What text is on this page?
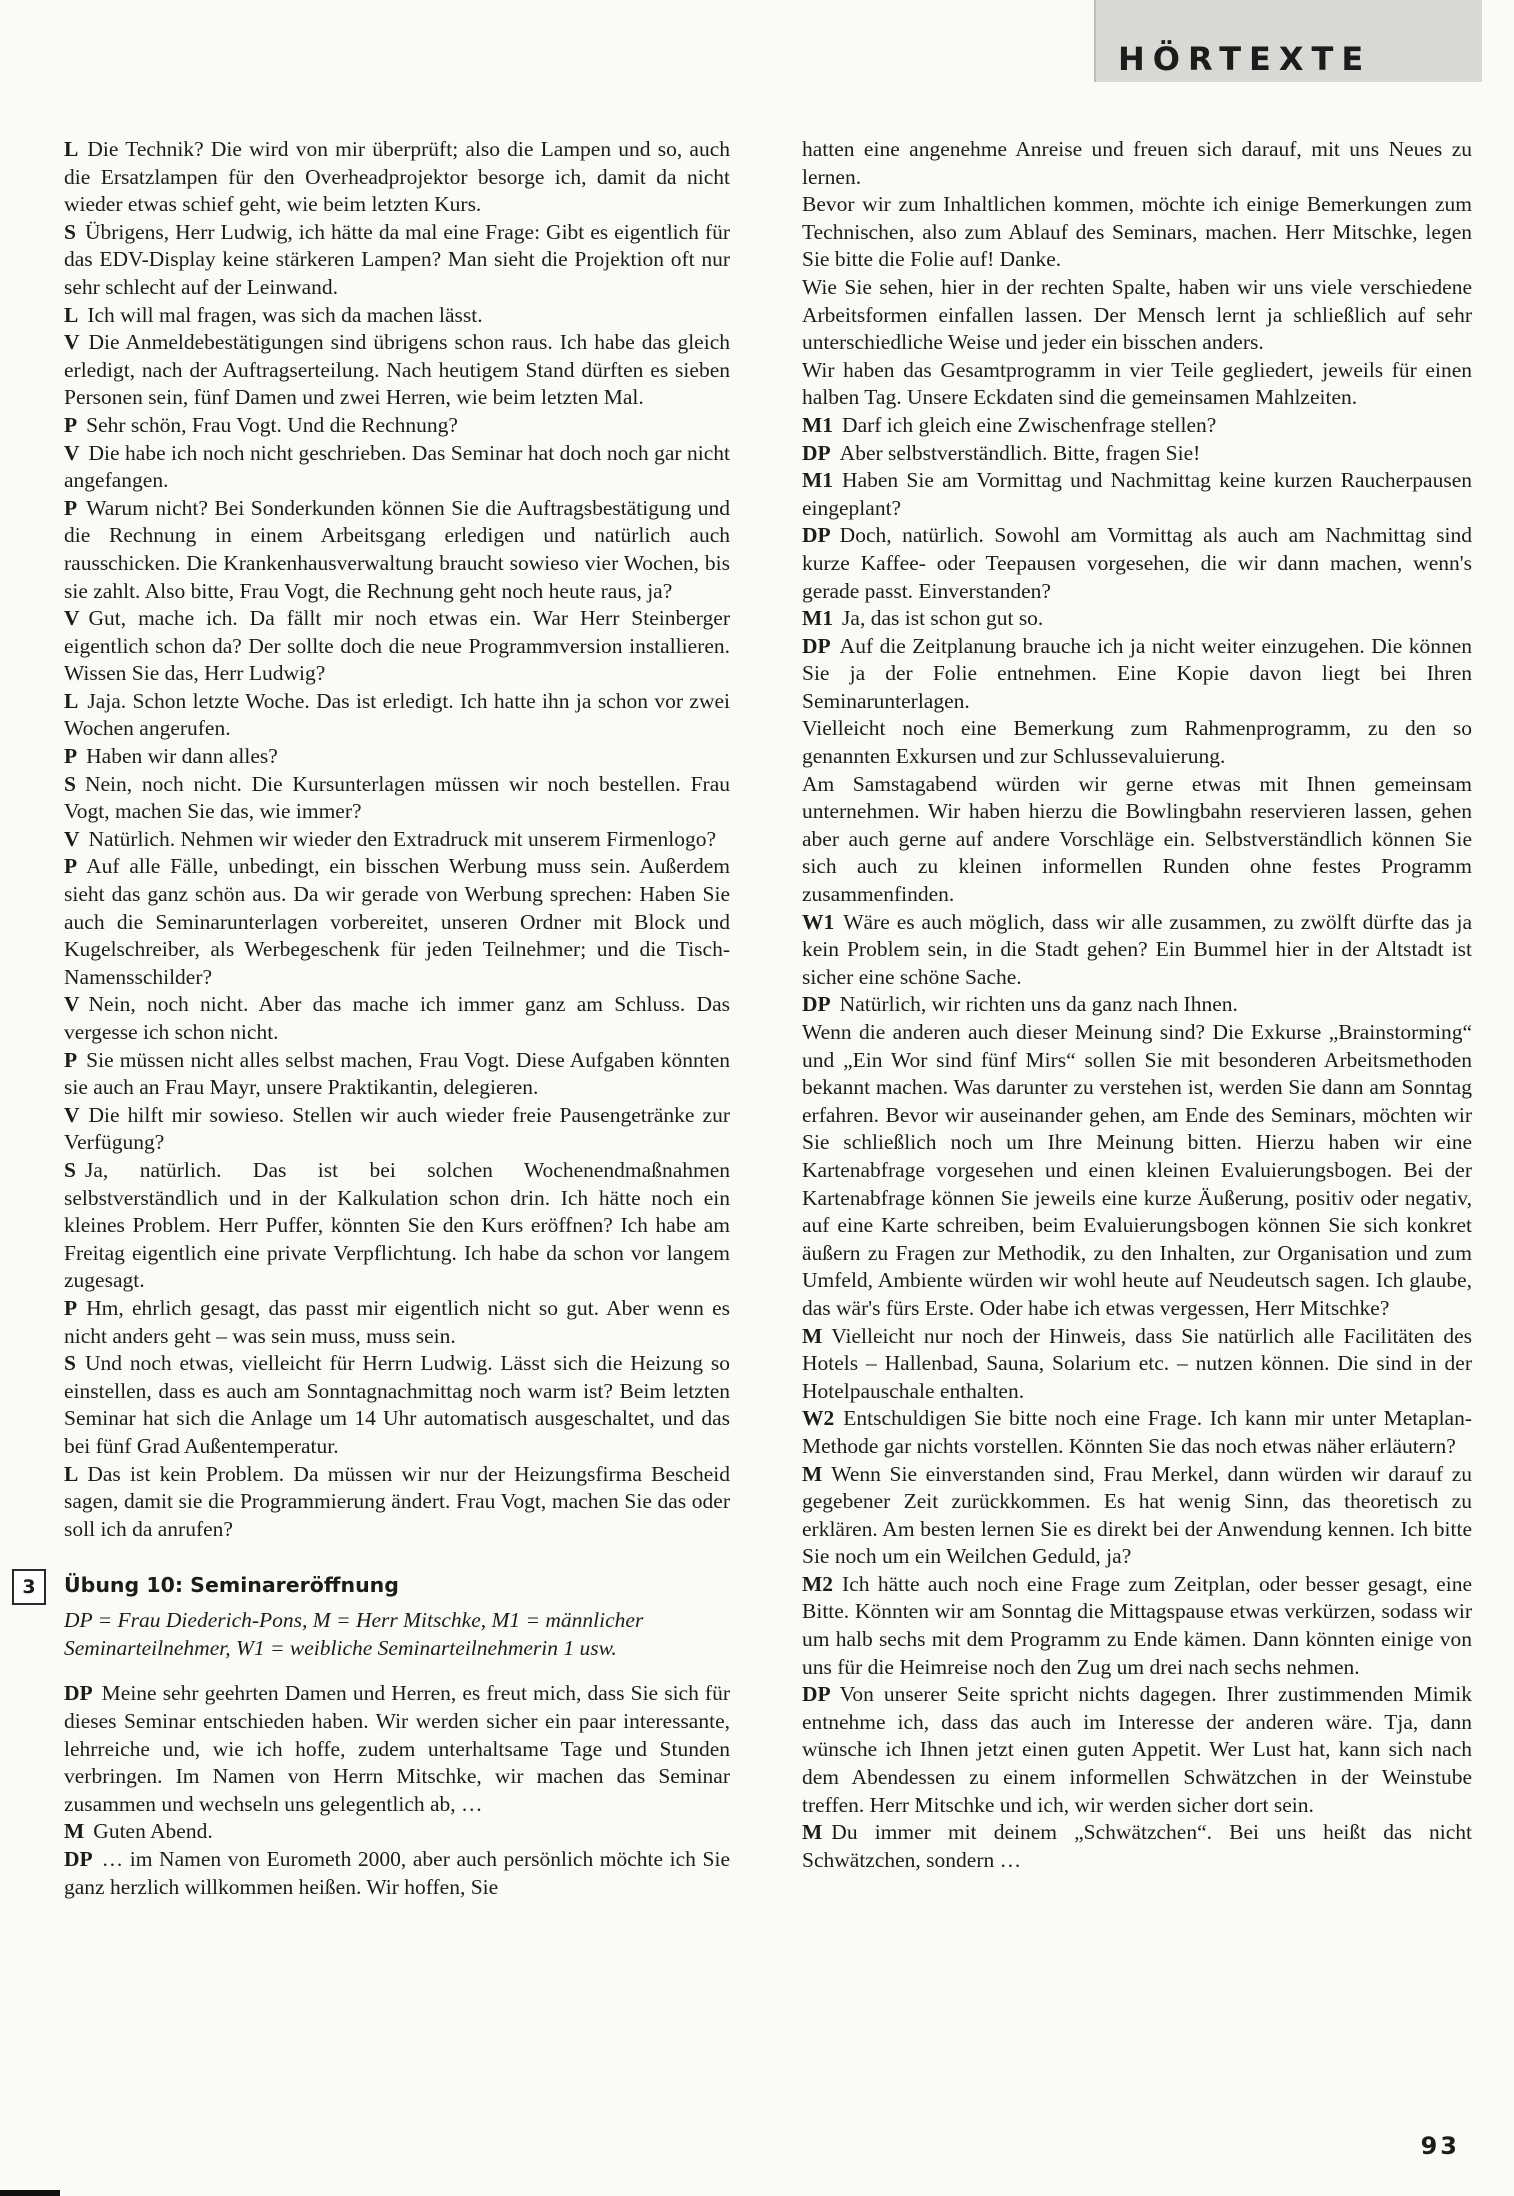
HÖRTEXTE

L Die Technik? Die wird von mir überprüft; also die Lampen und so, auch die Ersatzlampen für den Overheadprojektor besorge ich, damit da nicht wieder etwas schief geht, wie beim letzten Kurs.

S Übrigens, Herr Ludwig, ich hätte da mal eine Frage: Gibt es eigentlich für das EDV-Display keine stärkeren Lampen? Man sieht die Projektion oft nur sehr schlecht auf der Leinwand.

L Ich will mal fragen, was sich da machen lässt.

V Die Anmeldebestätigungen sind übrigens schon raus. Ich habe das gleich erledigt, nach der Auftragserteilung. Nach heutigem Stand dürften es sieben Personen sein, fünf Damen und zwei Herren, wie beim letzten Mal.

P Sehr schön, Frau Vogt. Und die Rechnung?

V Die habe ich noch nicht geschrieben. Das Seminar hat doch noch gar nicht angefangen.

P Warum nicht? Bei Sonderkunden können Sie die Auftragsbestätigung und die Rechnung in einem Arbeitsgang erledigen und natürlich auch rausschicken. Die Krankenhausverwaltung braucht sowieso vier Wochen, bis sie zahlt. Also bitte, Frau Vogt, die Rechnung geht noch heute raus, ja?

V Gut, mache ich. Da fällt mir noch etwas ein. War Herr Steinberger eigentlich schon da? Der sollte doch die neue Programmversion installieren. Wissen Sie das, Herr Ludwig?

L Jaja. Schon letzte Woche. Das ist erledigt. Ich hatte ihn ja schon vor zwei Wochen angerufen.

P Haben wir dann alles?

S Nein, noch nicht. Die Kursunterlagen müssen wir noch bestellen. Frau Vogt, machen Sie das, wie immer?

V Natürlich. Nehmen wir wieder den Extradruck mit unserem Firmenlogo?

P Auf alle Fälle, unbedingt, ein bisschen Werbung muss sein. Außerdem sieht das ganz schön aus. Da wir gerade von Werbung sprechen: Haben Sie auch die Seminarunterlagen vorbereitet, unseren Ordner mit Block und Kugelschreiber, als Werbegeschenk für jeden Teilnehmer; und die Tisch-Namensschilder?

V Nein, noch nicht. Aber das mache ich immer ganz am Schluss. Das vergesse ich schon nicht.

P Sie müssen nicht alles selbst machen, Frau Vogt. Diese Aufgaben könnten sie auch an Frau Mayr, unsere Praktikantin, delegieren.

V Die hilft mir sowieso. Stellen wir auch wieder freie Pausengetränke zur Verfügung?

S Ja, natürlich. Das ist bei solchen Wochenendmaßnahmen selbstverständlich und in der Kalkulation schon drin. Ich hätte noch ein kleines Problem. Herr Puffer, könnten Sie den Kurs eröffnen? Ich habe am Freitag eigentlich eine private Verpflichtung. Ich habe da schon vor langem zugesagt.

P Hm, ehrlich gesagt, das passt mir eigentlich nicht so gut. Aber wenn es nicht anders geht – was sein muss, muss sein.

S Und noch etwas, vielleicht für Herrn Ludwig. Lässt sich die Heizung so einstellen, dass es auch am Sonntagnachmittag noch warm ist? Beim letzten Seminar hat sich die Anlage um 14 Uhr automatisch ausgeschaltet, und das bei fünf Grad Außentemperatur.

L Das ist kein Problem. Da müssen wir nur der Heizungsfirma Bescheid sagen, damit sie die Programmierung ändert. Frau Vogt, machen Sie das oder soll ich da anrufen?

3	Übung 10: Seminareröffnung

DP = Frau Diederich-Pons, M = Herr Mitschke, M1 = männlicher Seminarteilnehmer, W1 = weibliche Seminarteilnehmerin 1 usw.

DP Meine sehr geehrten Damen und Herren, es freut mich, dass Sie sich für dieses Seminar entschieden haben. Wir werden sicher ein paar interessante, lehrreiche und, wie ich hoffe, zudem unterhaltsame Tage und Stunden verbringen. Im Namen von Herrn Mitschke, wir machen das Seminar zusammen und wechseln uns gelegentlich ab, …

M Guten Abend.

DP … im Namen von Eurometh 2000, aber auch persönlich möchte ich Sie ganz herzlich willkommen heißen. Wir hoffen, Sie

hatten eine angenehme Anreise und freuen sich darauf, mit uns Neues zu lernen.

Bevor wir zum Inhaltlichen kommen, möchte ich einige Bemerkungen zum Technischen, also zum Ablauf des Seminars, machen. Herr Mitschke, legen Sie bitte die Folie auf! Danke.

Wie Sie sehen, hier in der rechten Spalte, haben wir uns viele verschiedene Arbeitsformen einfallen lassen. Der Mensch lernt ja schließlich auf sehr unterschiedliche Weise und jeder ein bisschen anders.

Wir haben das Gesamtprogramm in vier Teile gegliedert, jeweils für einen halben Tag. Unsere Eckdaten sind die gemeinsamen Mahlzeiten.

M1 Darf ich gleich eine Zwischenfrage stellen?

DP Aber selbstverständlich. Bitte, fragen Sie!

M1 Haben Sie am Vormittag und Nachmittag keine kurzen Raucherpausen eingeplant?

DP Doch, natürlich. Sowohl am Vormittag als auch am Nachmittag sind kurze Kaffee- oder Teepausen vorgesehen, die wir dann machen, wenn's gerade passt. Einverstanden?

M1 Ja, das ist schon gut so.

DP Auf die Zeitplanung brauche ich ja nicht weiter einzugehen. Die können Sie ja der Folie entnehmen. Eine Kopie davon liegt bei Ihren Seminarunterlagen.

Vielleicht noch eine Bemerkung zum Rahmenprogramm, zu den so genannten Exkursen und zur Schlussevaluierung.

Am Samstagabend würden wir gerne etwas mit Ihnen gemeinsam unternehmen. Wir haben hierzu die Bowlingbahn reservieren lassen, gehen aber auch gerne auf andere Vorschläge ein. Selbstverständlich können Sie sich auch zu kleinen informellen Runden ohne festes Programm zusammenfinden.

W1 Wäre es auch möglich, dass wir alle zusammen, zu zwölft dürfte das ja kein Problem sein, in die Stadt gehen? Ein Bummel hier in der Altstadt ist sicher eine schöne Sache.

DP Natürlich, wir richten uns da ganz nach Ihnen.

Wenn die anderen auch dieser Meinung sind? Die Exkurse „Brainstorming“ und „Ein Wor sind fünf Mirs“ sollen Sie mit besonderen Arbeitsmethoden bekannt machen. Was darunter zu verstehen ist, werden Sie dann am Sonntag erfahren. Bevor wir auseinander gehen, am Ende des Seminars, möchten wir Sie schließlich noch um Ihre Meinung bitten. Hierzu haben wir eine Kartenabfrage vorgesehen und einen kleinen Evaluierungsbogen. Bei der Kartenabfrage können Sie jeweils eine kurze Äußerung, positiv oder negativ, auf eine Karte schreiben, beim Evaluierungsbogen können Sie sich konkret äußern zu Fragen zur Methodik, zu den Inhalten, zur Organisation und zum Umfeld, Ambiente würden wir wohl heute auf Neudeutsch sagen. Ich glaube, das wär's fürs Erste. Oder habe ich etwas vergessen, Herr Mitschke?

M Vielleicht nur noch der Hinweis, dass Sie natürlich alle Facilitäten des Hotels – Hallenbad, Sauna, Solarium etc. – nutzen können. Die sind in der Hotelpauschale enthalten.

W2 Entschuldigen Sie bitte noch eine Frage. Ich kann mir unter Metaplan-Methode gar nichts vorstellen. Könnten Sie das noch etwas näher erläutern?

M Wenn Sie einverstanden sind, Frau Merkel, dann würden wir darauf zu gegebener Zeit zurückkommen. Es hat wenig Sinn, das theoretisch zu erklären. Am besten lernen Sie es direkt bei der Anwendung kennen. Ich bitte Sie noch um ein Weilchen Geduld, ja?

M2 Ich hätte auch noch eine Frage zum Zeitplan, oder besser gesagt, eine Bitte. Könnten wir am Sonntag die Mittagspause etwas verkürzen, sodass wir um halb sechs mit dem Programm zu Ende kämen. Dann könnten einige von uns für die Heimreise noch den Zug um drei nach sechs nehmen.

DP Von unserer Seite spricht nichts dagegen. Ihrer zustimmenden Mimik entnehme ich, dass das auch im Interesse der anderen wäre. Tja, dann wünsche ich Ihnen jetzt einen guten Appetit. Wer Lust hat, kann sich nach dem Abendessen zu einem informellen Schwätzchen in der Weinstube treffen. Herr Mitschke und ich, wir werden sicher dort sein.

M Du immer mit deinem „Schwätzchen“. Bei uns heißt das nicht Schwätzchen, sondern …

93
